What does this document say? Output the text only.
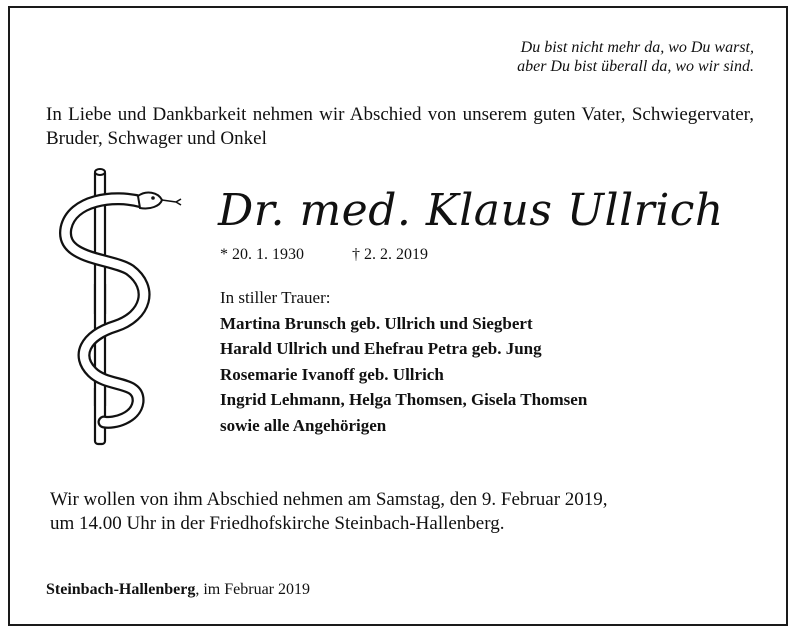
Du bist nicht mehr da, wo Du warst,
aber Du bist überall da, wo wir sind.
In Liebe und Dankbarkeit nehmen wir Abschied von unserem guten Vater, Schwiegervater, Bruder, Schwager und Onkel
Dr. med. Klaus Ullrich
* 20. 1. 1930	† 2. 2. 2019
In stiller Trauer:
Martina Brunsch geb. Ullrich und Siegbert
Harald Ullrich und Ehefrau Petra geb. Jung
Rosemarie Ivanoff geb. Ullrich
Ingrid Lehmann, Helga Thomsen, Gisela Thomsen
sowie alle Angehörigen
Wir wollen von ihm Abschied nehmen am Samstag, den 9. Februar 2019,
um 14.00 Uhr in der Friedhofskirche Steinbach-Hallenberg.
Steinbach-Hallenberg, im Februar 2019
